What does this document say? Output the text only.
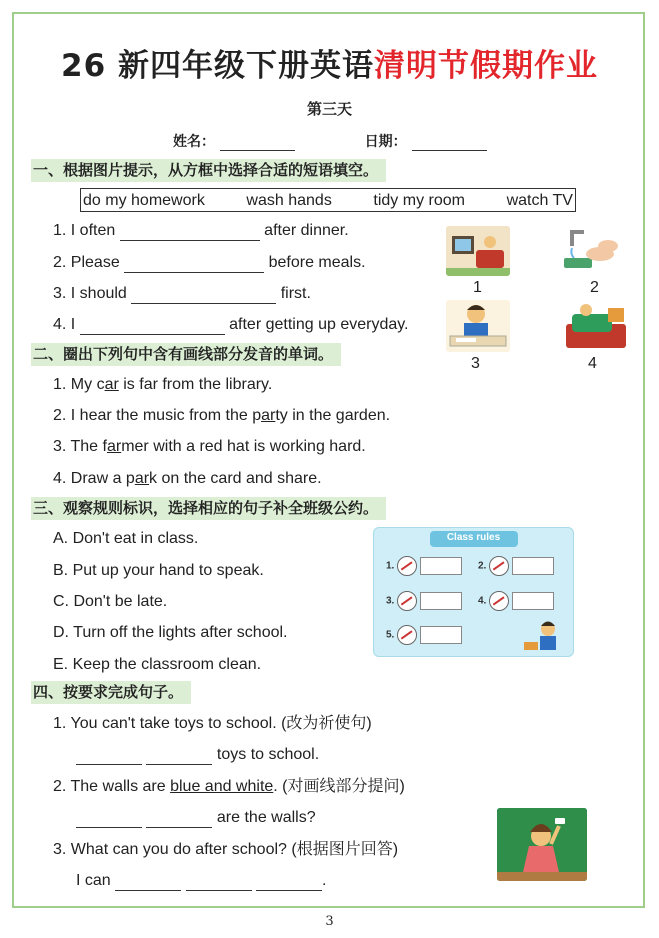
26 新四年级下册英语清明节假期作业
第三天
姓名：	日期：
一、根据图片提示，从方框中选择合适的短语填空。
do my homework	wash hands	tidy my room	watch TV
1. I often	after dinner.
2. Please	before meals.
3. I should	first.
4. I	after getting up everyday.
1	2
3	4
二、圈出下列句中含有画线部分发音的单词。
1. My car is far from the library.
2. I hear the music from the party in the garden.
3. The farmer with a red hat is working hard.
4. Draw a park on the card and share.
三、观察规则标识，选择相应的句子补全班级公约。
A. Don't eat in class.
B. Put up your hand to speak.
C. Don't be late.
D. Turn off the lights after school.
E. Keep the classroom clean.
Class rules
1.	2.
3.	4.
5.
四、按要求完成句子。
1. You can't take toys to school. (改为祈使句)
toys to school.
2. The walls are blue and white. (对画线部分提问)
are the walls?
3. What can you do after school? (根据图片回答)
I can	.
3
